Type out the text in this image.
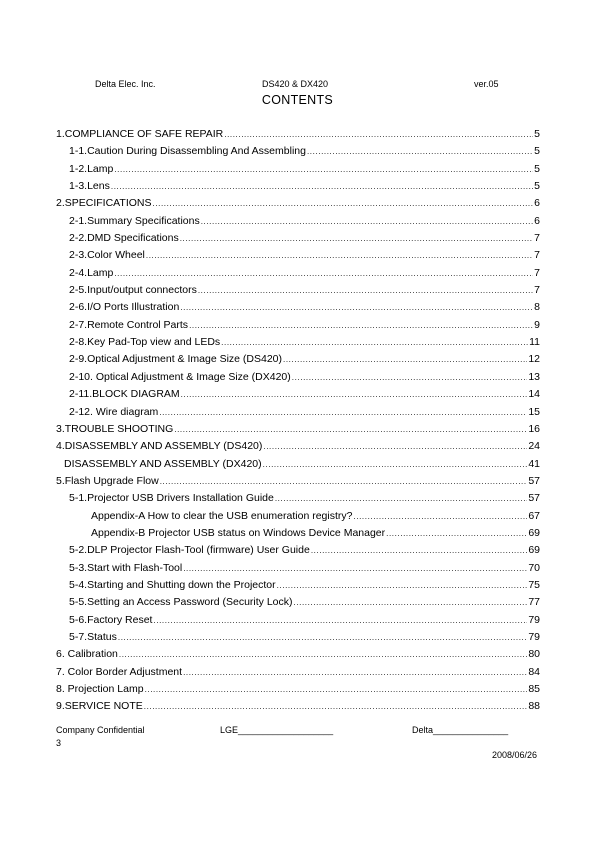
Delta Elec. Inc.	DS420 & DX420	ver.05
CONTENTS
1.COMPLIANCE OF SAFE REPAIR .....	5
1-1.Caution During Disassembling And Assembling .....	5
1-2.Lamp .....	5
1-3.Lens .....	5
2.SPECIFICATIONS .....	6
2-1.Summary Specifications .....	6
2-2.DMD Specifications .....	7
2-3.Color Wheel .....	7
2-4.Lamp .....	7
2-5.Input/output connectors .....	7
2-6.I/O Ports Illustration .....	8
2-7.Remote Control Parts .....	9
2-8.Key Pad-Top view and LEDs .....	11
2-9.Optical Adjustment & Image Size (DS420) .....	12
2-10. Optical Adjustment & Image Size (DX420) .....	13
2-11.BLOCK DIAGRAM .....	14
2-12. Wire diagram .....	15
3.TROUBLE SHOOTING .....	16
4.DISASSEMBLY AND ASSEMBLY (DS420) .....	24
DISASSEMBLY AND ASSEMBLY (DX420) .....	41
5.Flash Upgrade Flow .....	57
5-1.Projector USB Drivers Installation Guide .....	57
Appendix-A How to clear the USB enumeration registry? .....	67
Appendix-B Projector USB status on Windows Device Manager .....	69
5-2.DLP Projector Flash-Tool (firmware) User Guide .....	69
5-3.Start with Flash-Tool .....	70
5-4.Starting and Shutting down the Projector .....	75
5-5.Setting an Access Password (Security Lock) .....	77
5-6.Factory Reset .....	79
5-7.Status .....	79
6. Calibration .....	80
7. Color Border Adjustment .....	84
8. Projection Lamp .....	85
9.SERVICE NOTE .....	88
Company Confidential	LGE___________________	Delta_______________
3
2008/06/26
